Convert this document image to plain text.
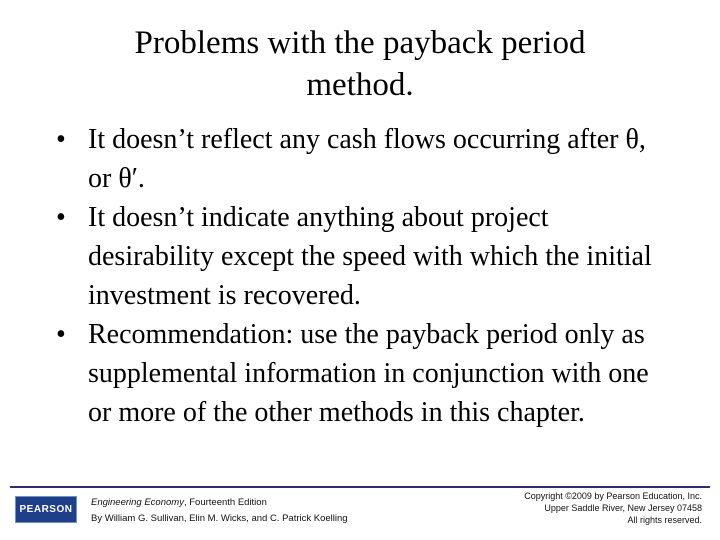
Problems with the payback period
method.
• It doesn’t reflect any cash flows occurring after θ, or θ′.
• It doesn’t indicate anything about project desirability except the speed with which the initial investment is recovered.
• Recommendation: use the payback period only as supplemental information in conjunction with one or more of the other methods in this chapter.
PEARSON
Engineering Economy, Fourteenth Edition
By William G. Sullivan, Elin M. Wicks, and C. Patrick Koelling
Copyright ©2009 by Pearson Education, Inc.
Upper Saddle River, New Jersey 07458
All rights reserved.
